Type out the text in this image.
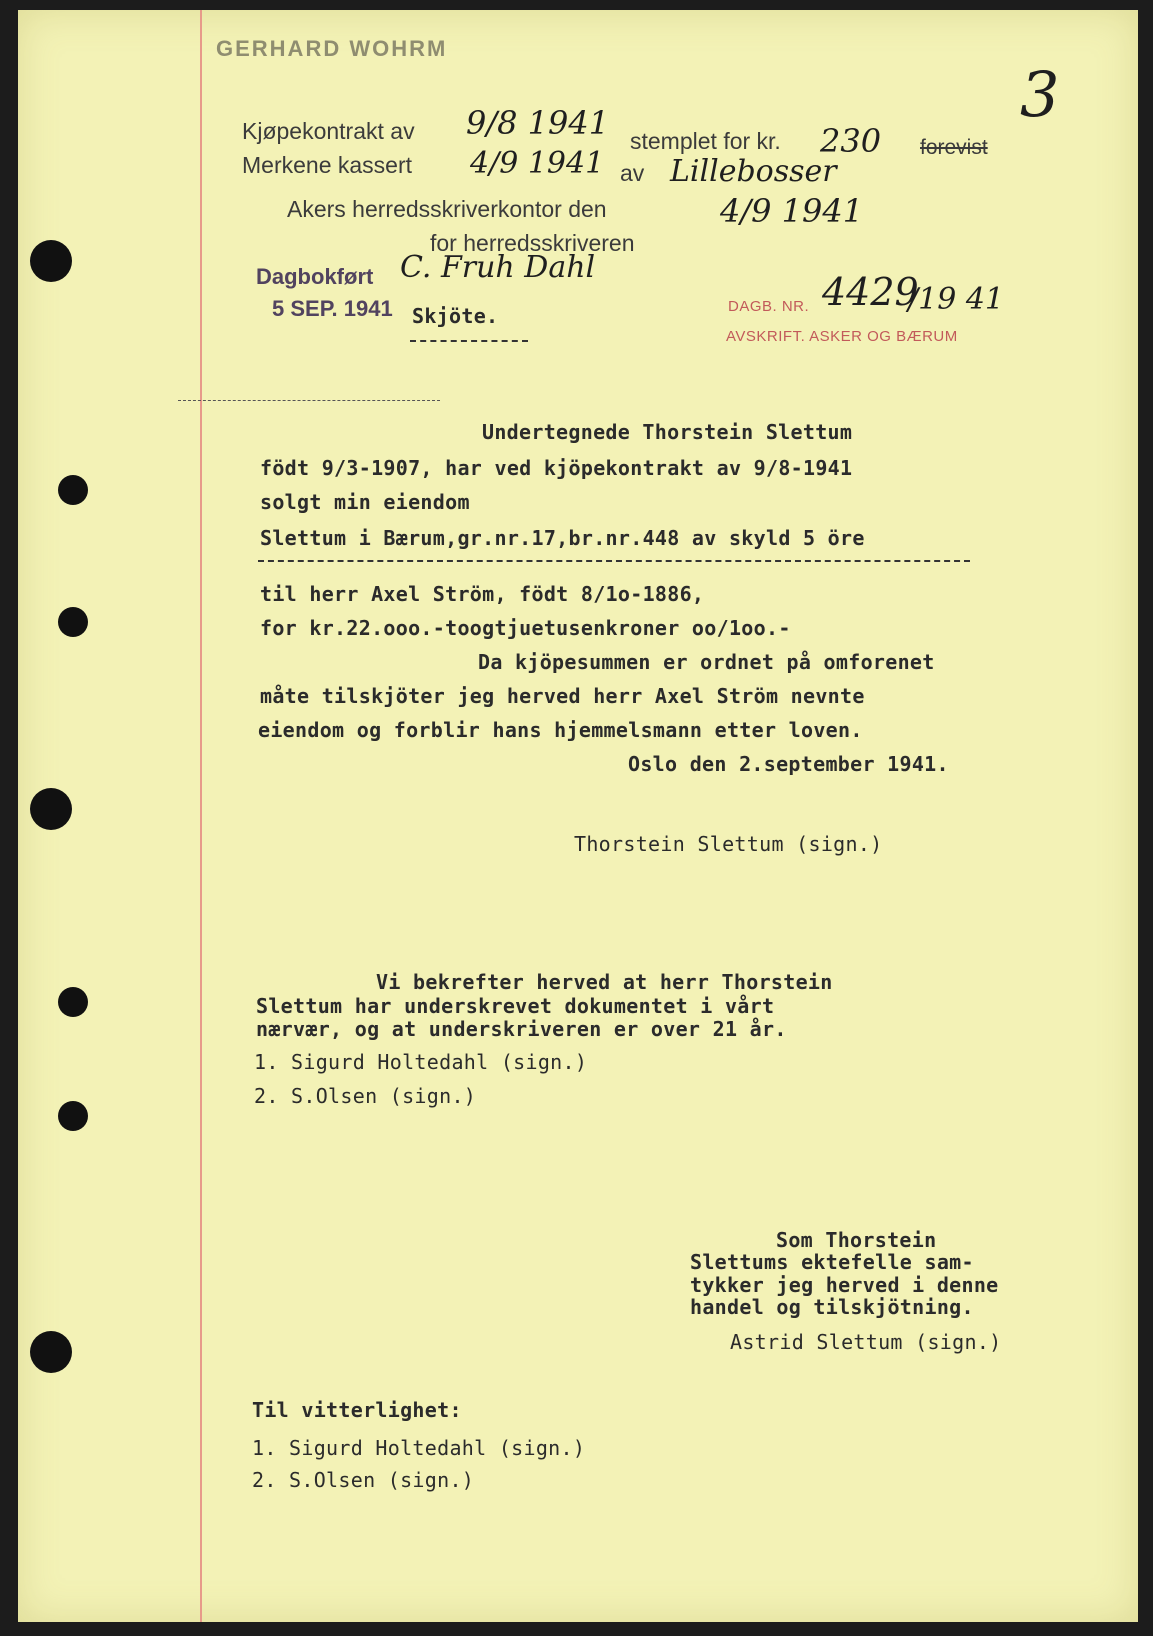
GERHARD WOHRM
3
Kjøpekontrakt av 9/8 1941 stemplet for kr. 230 forevist
Merkene kassert 4/9 1941 av Lillebosser
Akers herredsskriverkontor den	4/9 1941
for herredsskriveren
C. Fruh Dahl
Dagbokført
5 SEP. 1941 Skjöte.	DAGB. NR. 4429
/19 41
AVSKRIFT. ASKER OG BÆRUM
Undertegnede Thorstein Slettum
födt 9/3-1907, har ved kjöpekontrakt av 9/8-1941
solgt min eiendom
Slettum i Bærum,gr.nr.17,br.nr.448 av skyld 5 öre
til herr Axel Ström, födt 8/1o-1886,
for kr.22.ooo.-toogtjuetusenkroner oo/1oo.-
Da kjöpesummen er ordnet på omforenet
måte tilskjöter jeg herved herr Axel Ström nevnte
eiendom og forblir hans hjemmelsmann etter loven.
Oslo den 2.september 1941.
Thorstein Slettum (sign.)
Vi bekrefter herved at herr Thorstein
Slettum har underskrevet dokumentet i vårt
nærvær, og at underskriveren er over 21 år.
1. Sigurd Holtedahl (sign.)
2. S.Olsen (sign.)
Som Thorstein
Slettums ektefelle sam-
tykker jeg herved i denne
handel og tilskjötning.
Astrid Slettum (sign.)
Til vitterlighet:
1. Sigurd Holtedahl (sign.)
2. S.Olsen (sign.)
